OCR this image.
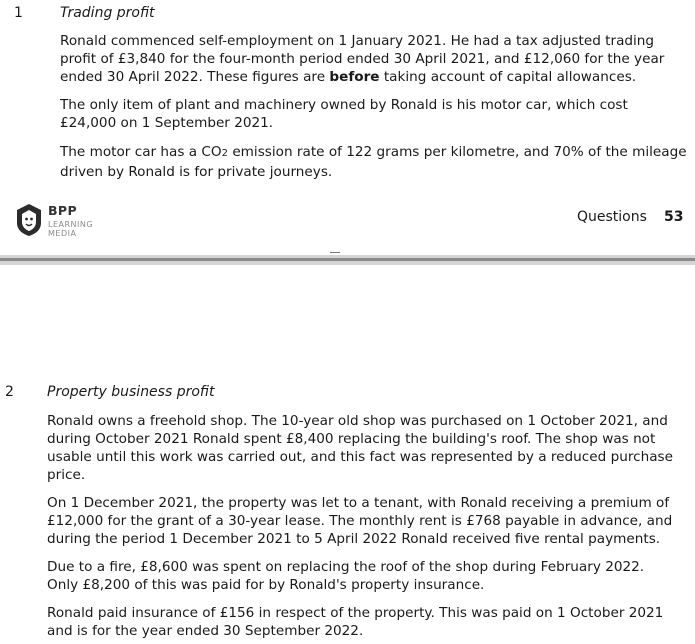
1	Trading profit

Ronald commenced self-employment on 1 January 2021. He had a tax adjusted trading profit of £3,840 for the four-month period ended 30 April 2021, and £12,060 for the year ended 30 April 2022. These figures are before taking account of capital allowances.

The only item of plant and machinery owned by Ronald is his motor car, which cost £24,000 on 1 September 2021.

The motor car has a CO2 emission rate of 122 grams per kilometre, and 70% of the mileage driven by Ronald is for private journeys.

BPP
LEARNING
MEDIA
Questions 53
2 Property business profit

Ronald owns a freehold shop. The 10-year old shop was purchased on 1 October 2021, and during October 2021 Ronald spent £8,400 replacing the building's roof. The shop was not usable until this work was carried out, and this fact was represented by a reduced purchase price.

On 1 December 2021, the property was let to a tenant, with Ronald receiving a premium of £12,000 for the grant of a 30-year lease. The monthly rent is £768 payable in advance, and during the period 1 December 2021 to 5 April 2022 Ronald received five rental payments.

Due to a fire, £8,600 was spent on replacing the roof of the shop during February 2022. Only £8,200 of this was paid for by Ronald's property insurance.

Ronald paid insurance of £156 in respect of the property. This was paid on 1 October 2021 and is for the year ended 30 September 2022.
